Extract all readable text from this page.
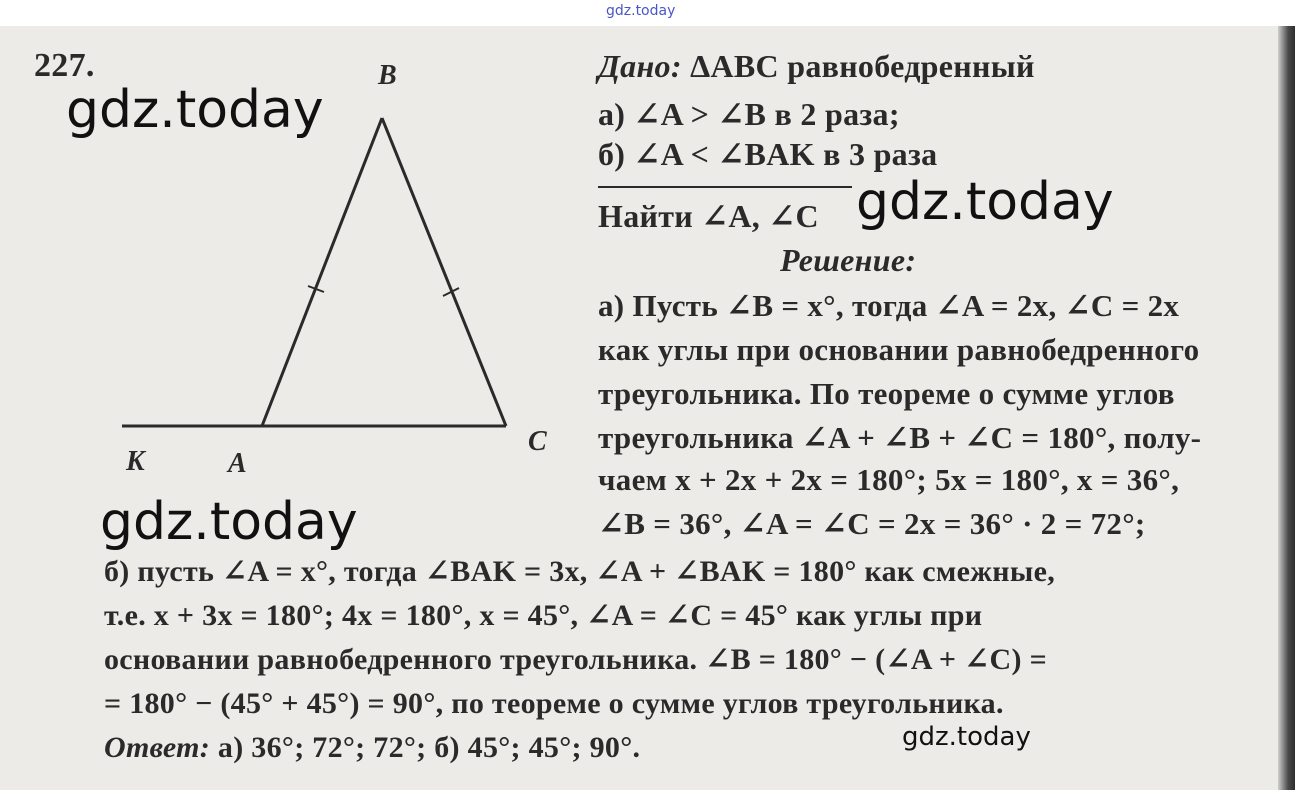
gdz.today
B
K	A
C
227.	Дано: ΔABC равнобедренный
а) ∠A > ∠B в 2 раза;
б) ∠A < ∠BAK в 3 раза
Найти ∠A, ∠C
Решение:
а) Пусть ∠B = x°, тогда ∠A = 2x, ∠C = 2x
как углы при основании равнобедренного
треугольника. По теореме о сумме углов
треугольника ∠A + ∠B + ∠C = 180°, полу-
чаем x + 2x + 2x = 180°; 5x = 180°, x = 36°,
∠B = 36°, ∠A = ∠C = 2x = 36° · 2 = 72°;
б) пусть ∠A = x°, тогда ∠BAK = 3x, ∠A + ∠BAK = 180° как смежные,
т.е. x + 3x = 180°; 4x = 180°, x = 45°, ∠A = ∠C = 45° как углы при
основании равнобедренного треугольника. ∠B = 180° − (∠A + ∠C) =
= 180° − (45° + 45°) = 90°, по теореме о сумме углов треугольника.
Ответ: а) 36°; 72°; 72°; б) 45°; 45°; 90°.
gdz.today
gdz.today
gdz.today
gdz.today
